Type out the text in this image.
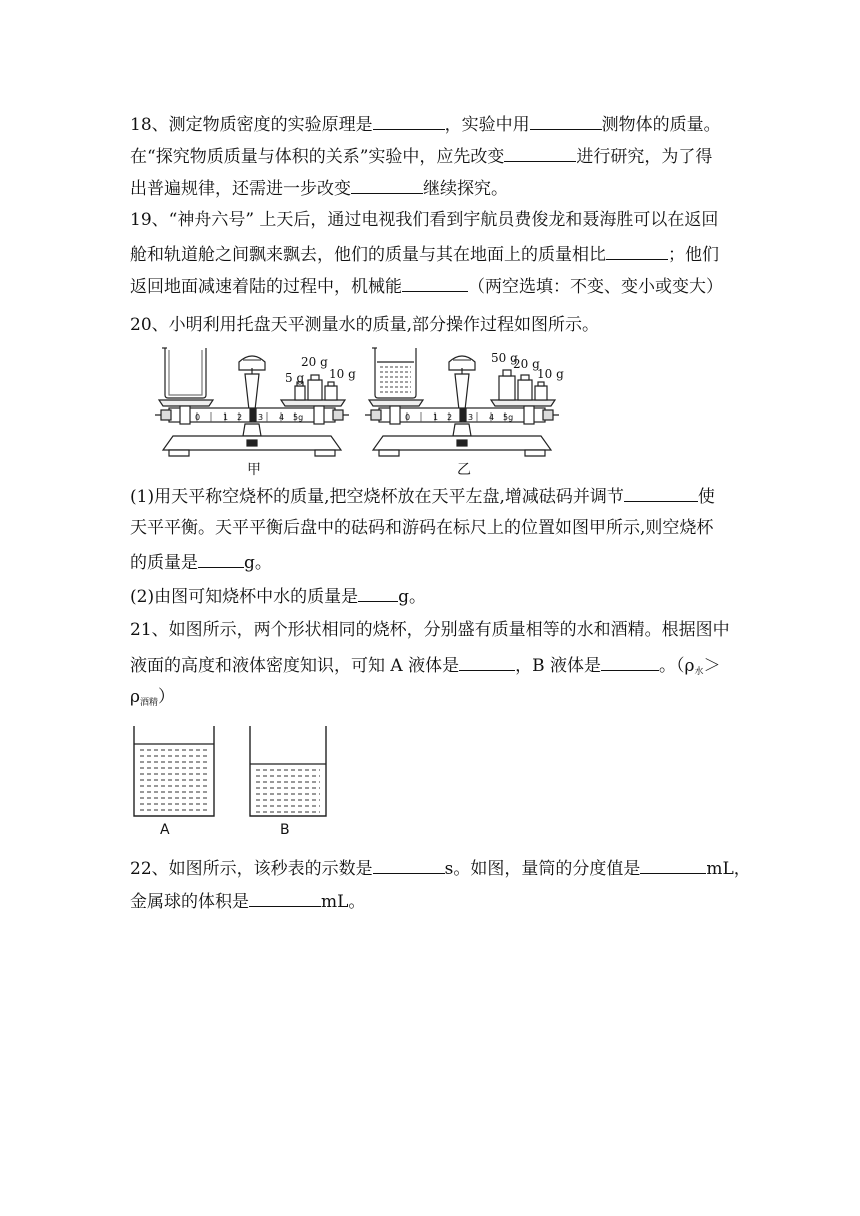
18、测定物质密度的实验原理是	，实验中用	测物体的质量。
在“探究物质质量与体积的关系”实验中，应先改变	进行研究，为了得
出普遍规律，还需进一步改变	继续探究。
19、“神舟六号” 上天后，通过电视我们看到宇航员费俊龙和聂海胜可以在返回
舱和轨道舱之间飘来飘去，他们的质量与其在地面上的质量相比	；他们
返回地面减速着陆的过程中，机械能	（两空选填：不变、变小或变大）
20、小明利用托盘天平测量水的质量,部分操作过程如图所示。
5 g
20 g
10 g
0	1 2 3 4 5g
甲
50 g
20 g
10 g
0	1 2 3 4 5g
乙
(1)用天平称空烧杯的质量,把空烧杯放在天平左盘,增减砝码并调节	使
天平平衡。天平平衡后盘中的砝码和游码在标尺上的位置如图甲所示,则空烧杯
的质量是	g。
(2)由图可知烧杯中水的质量是 g。
21、如图所示，两个形状相同的烧杯，分别盛有质量相等的水和酒精。根据图中
液面的高度和液体密度知识，可知 A 液体是	，B 液体是	。（$\rho_水>$
$\rho_{酒精}$）
A	B
22、如图所示，该秒表的示数是	s。如图，量筒的分度值是	mL，
金属球的体积是	mL。
